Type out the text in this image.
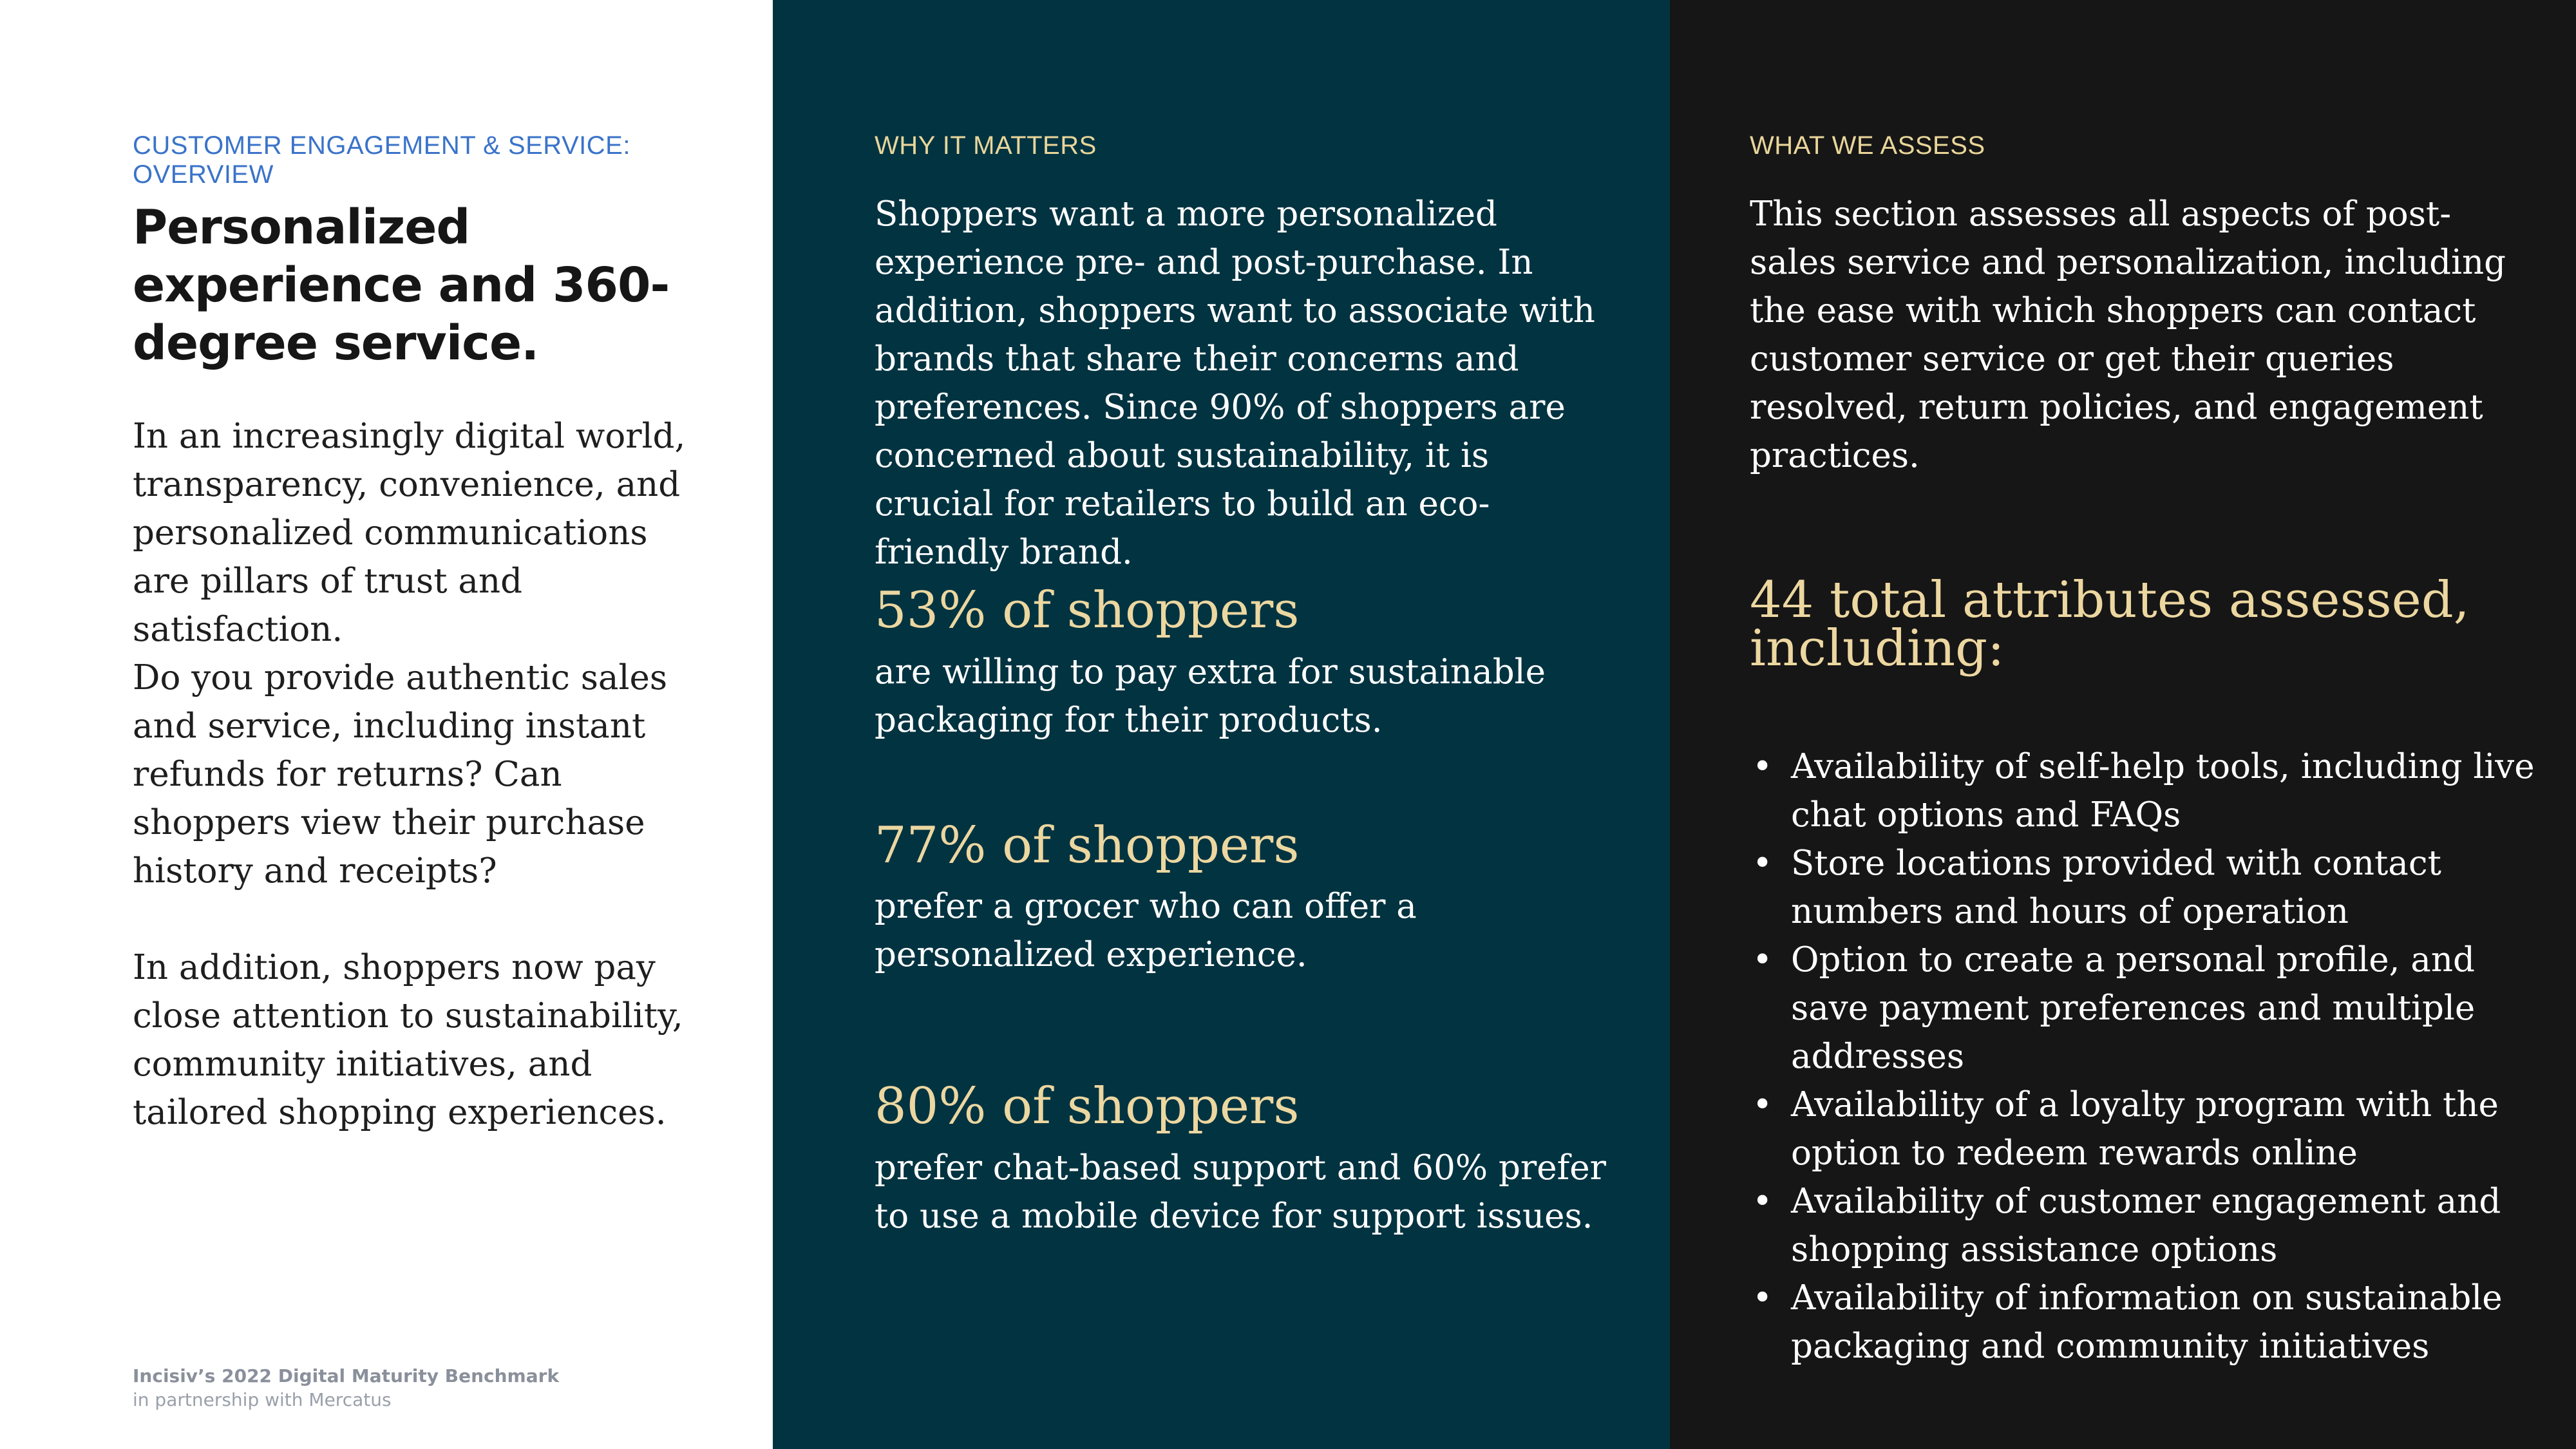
CUSTOMER ENGAGEMENT & SERVICE: OVERVIEW
Personalized experience and 360-degree service.

In an increasingly digital world, transparency, convenience, and personalized communications are pillars of trust and satisfaction.

Do you provide authentic sales and service, including instant refunds for returns? Can shoppers view their purchase history and receipts?

In addition, shoppers now pay close attention to sustainability, community initiatives, and tailored shopping experiences.

Incisiv’s 2022 Digital Maturity Benchmark
in partnership with Mercatus
WHY IT MATTERS

Shoppers want a more personalized experience pre- and post-purchase. In addition, shoppers want to associate with brands that share their concerns and preferences. Since 90% of shoppers are concerned about sustainability, it is crucial for retailers to build an eco-friendly brand.

53% of shoppers

are willing to pay extra for sustainable packaging for their products.

77% of shoppers

prefer a grocer who can offer a personalized experience.

80% of shoppers

prefer chat-based support and 60% prefer to use a mobile device for support issues.

WHAT WE ASSESS

This section assesses all aspects of post-sales service and personalization, including the ease with which shoppers can contact customer service or get their queries resolved, return policies, and engagement practices.

44 total attributes assessed, including:
• Availability of self-help tools, including live chat options and FAQs
• Store locations provided with contact numbers and hours of operation
• Option to create a personal profile, and save payment preferences and multiple addresses
• Availability of a loyalty program with the option to redeem rewards online
• Availability of customer engagement and shopping assistance options
• Availability of information on sustainable packaging and community initiatives
